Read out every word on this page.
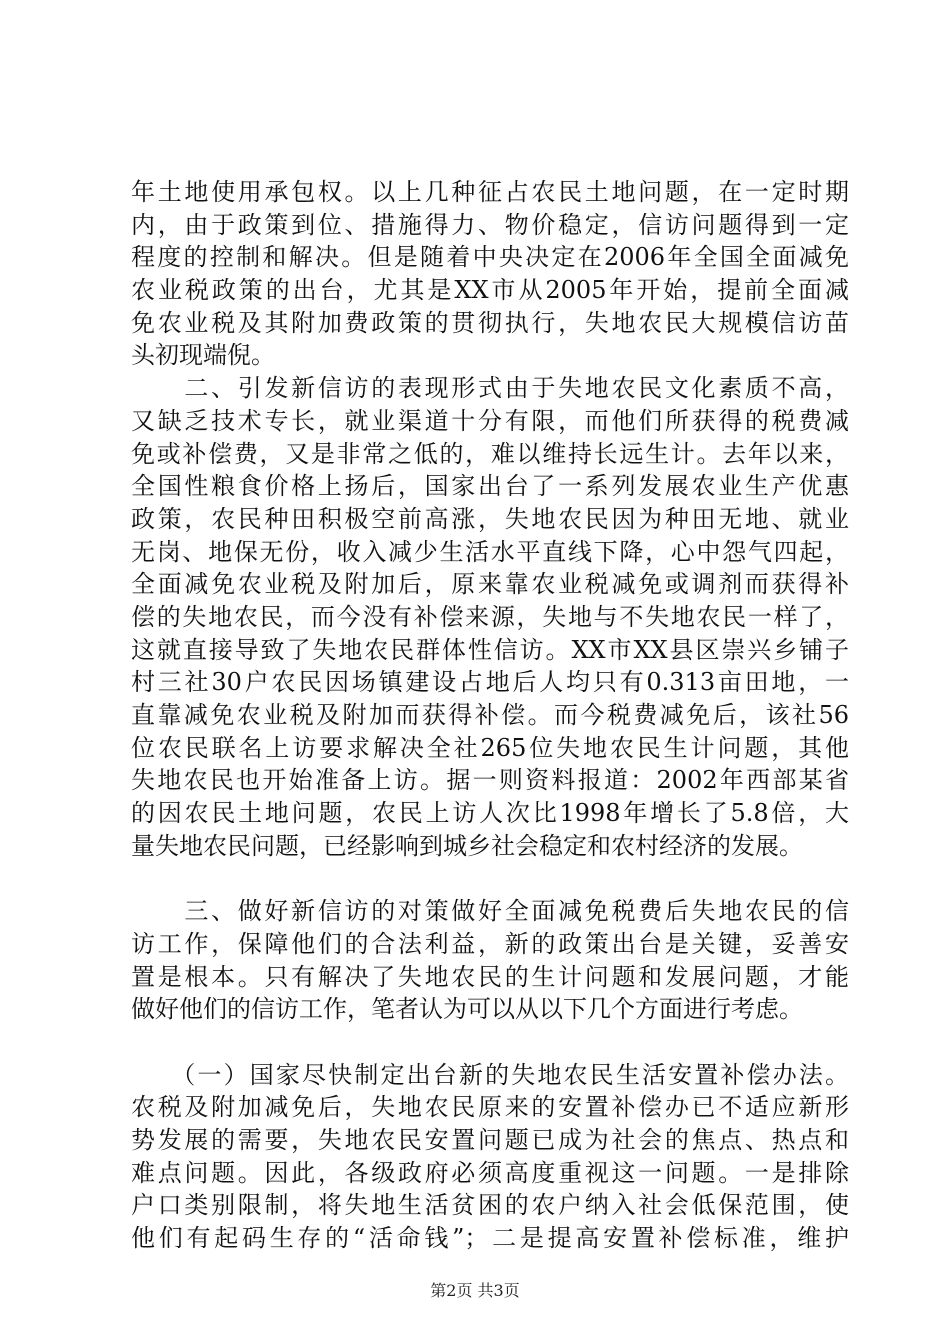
年土地使用承包权。以上几种征占农民土地问题，在一定时期
内，由于政策到位、措施得力、物价稳定，信访问题得到一定
程度的控制和解决。但是随着中央决定在2006年全国全面减免
农业税政策的出台，尤其是XX市从2005年开始，提前全面减
免农业税及其附加费政策的贯彻执行，失地农民大规模信访苗
头初现端倪。
　　二、引发新信访的表现形式由于失地农民文化素质不高，
又缺乏技术专长，就业渠道十分有限，而他们所获得的税费减
免或补偿费，又是非常之低的，难以维持长远生计。去年以来，
全国性粮食价格上扬后，国家出台了一系列发展农业生产优惠
政策，农民种田积极空前高涨，失地农民因为种田无地、就业
无岗、地保无份，收入减少生活水平直线下降，心中怨气四起，
全面减免农业税及附加后，原来靠农业税减免或调剂而获得补
偿的失地农民，而今没有补偿来源，失地与不失地农民一样了，
这就直接导致了失地农民群体性信访。XX市XX县区崇兴乡铺子
村三社30户农民因场镇建设占地后人均只有0.313亩田地，一
直靠减免农业税及附加而获得补偿。而今税费减免后，该社56
位农民联名上访要求解决全社265位失地农民生计问题，其他
失地农民也开始准备上访。据一则资料报道：2002年西部某省
的因农民土地问题，农民上访人次比1998年增长了5.8倍，大
量失地农民问题，已经影响到城乡社会稳定和农村经济的发展。
　　三、做好新信访的对策做好全面减免税费后失地农民的信
访工作，保障他们的合法利益，新的政策出台是关键，妥善安
置是根本。只有解决了失地农民的生计问题和发展问题，才能
做好他们的信访工作，笔者认为可以从以下几个方面进行考虑。
　　（一）国家尽快制定出台新的失地农民生活安置补偿办法。
农税及附加减免后，失地农民原来的安置补偿办已不适应新形
势发展的需要，失地农民安置问题已成为社会的焦点、热点和
难点问题。因此，各级政府必须高度重视这一问题。一是排除
户口类别限制，将失地生活贫困的农户纳入社会低保范围，使
他们有起码生存的“活命钱”；二是提高安置补偿标准，维护
第2页 共3页
